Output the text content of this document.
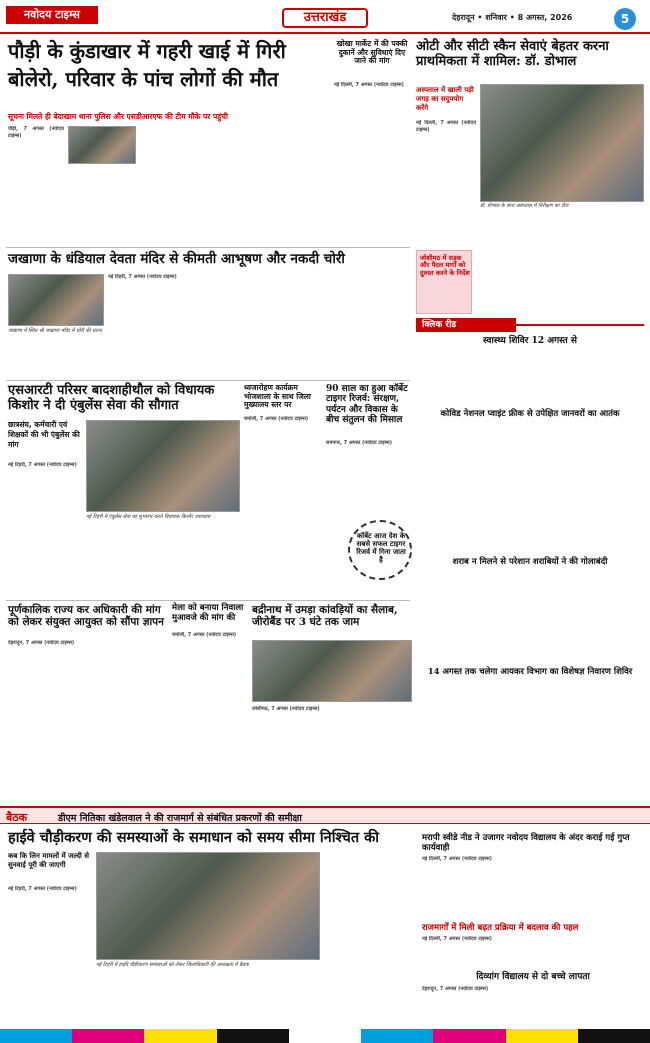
नवोदय टाइम्स	उत्तराखंड	देहरादून • शनिवार • 8 अगस्त, 2026	5
पौड़ी के कुंडाखार में गहरी खाई में गिरी
बोलेरो, परिवार के पांच लोगों की मौत
सूचना मिलते ही बेदाखाम थाना पुलिस और एसडीआरएफ की टीम मौके पर पहुंची
पौड़ी, 7 अगस्त (नवोदय टाइम्स)
खोखा मार्केट में की पक्की दुकानें और सुविधाएं दिए जाने की मांग
नई दिल्ली, 7 अगस्त (नवोदय टाइम्स)
ओटी और सीटी स्कैन सेवाएं बेहतर करना प्राथमिकता में शामिल: डॉ. डोभाल
अस्पताल में खाली पड़ी जगह का सदुपयोग करेंगे
नई दिल्ली, 7 अगस्त (नवोदय टाइम्स)
डॉ. डोभाल के साथ अस्पताल में निरीक्षण का दौरा
जखाणा के धंडियाल देवता मंदिर से कीमती आभूषण और नकदी चोरी
जखाणा में स्थित श्री जखाणा मंदिर में चोरी की घटना
नई टिहरी, 7 अगस्त (नवोदय टाइम्स)
जोशीमठ में सड़क और पैदल मार्गों को दुरुस्त करने के निर्देश
क्लिक रीड
स्वास्थ्य शिविर 12 अगस्त से
कोविड नेशनल प्वाइंट फ्रीक से उपेक्षित जानवरों का आतंक
शराब न मिलने से परेशान शराबियों ने की गोलाबंदी
14 अगस्त तक चलेगा आयकर विभाग का विशेषज्ञ निवारण शिविर
एसआरटी परिसर बादशाहीथौल को विधायक किशोर ने दी एंबुलेंस सेवा की सौगात
छात्रसंघ, कर्मचारी एवं शिक्षकों की भी एंबुलेंस की मांग
नई टिहरी, 7 अगस्त (नवोदय टाइम्स)
नई टिहरी में एंबुलेंस सेवा का शुभारंभ करते विधायक किशोर उपाध्याय
ध्वजारोहण कार्यक्रम भोजशाला के साथ जिला मुख्यालय स्तर पर
चमोली, 7 अगस्त (नवोदय टाइम्स)
90 साल का हुआ कॉर्बेट टाइगर रिजर्व: संरक्षण, पर्यटन और विकास के बीच संतुलन की मिसाल
रामनगर, 7 अगस्त (नवोदय टाइम्स)
कॉर्बेट आज देश के सबसे सफल टाइगर रिजर्व में गिना जाता है
पूर्णकालिक राज्य कर अधिकारी की मांग को लेकर संयुक्त आयुक्त को सौंपा ज्ञापन
देहरादून, 7 अगस्त (नवोदय टाइम्स)
मेला को बनाया निवाला मुआवजे की मांग की
चमोली, 7 अगस्त (नवोदय टाइम्स)
बद्रीनाथ में उमड़ा कांवड़ियों का सैलाब, जीरोबैंड पर 3 घंटे तक जाम
जोशीमठ, 7 अगस्त (नवोदय टाइम्स)
बैठक	डीएम नितिका खंडेलवाल ने की राजमार्ग से संबंधित प्रकरणों की समीक्षा
हाईवे चौड़ीकरण की समस्याओं के समाधान को समय सीमा निश्चित की
कब कि लिन मामलों में जल्दी से सुनवाई पूरी की जाएगी
नई टिहरी, 7 अगस्त (नवोदय टाइम्स)
नई टिहरी में हाईवे चौड़ीकरण समस्याओं को लेकर जिलाधिकारी की अध्यक्षता में बैठक
मरापी स्वीडे नीड ने उजागर नवोदय विद्यालय के अंदर कराई गई गुप्त कार्यवाही
नई दिल्ली, 7 अगस्त (नवोदय टाइम्स)
राजमार्गों में मिली बढ़त प्रक्रिया में बदलाव की पहल
नई दिल्ली, 7 अगस्त (नवोदय टाइम्स)
दिव्यांग विद्यालय से दो बच्चे लापता
देहरादून, 7 अगस्त (नवोदय टाइम्स)
